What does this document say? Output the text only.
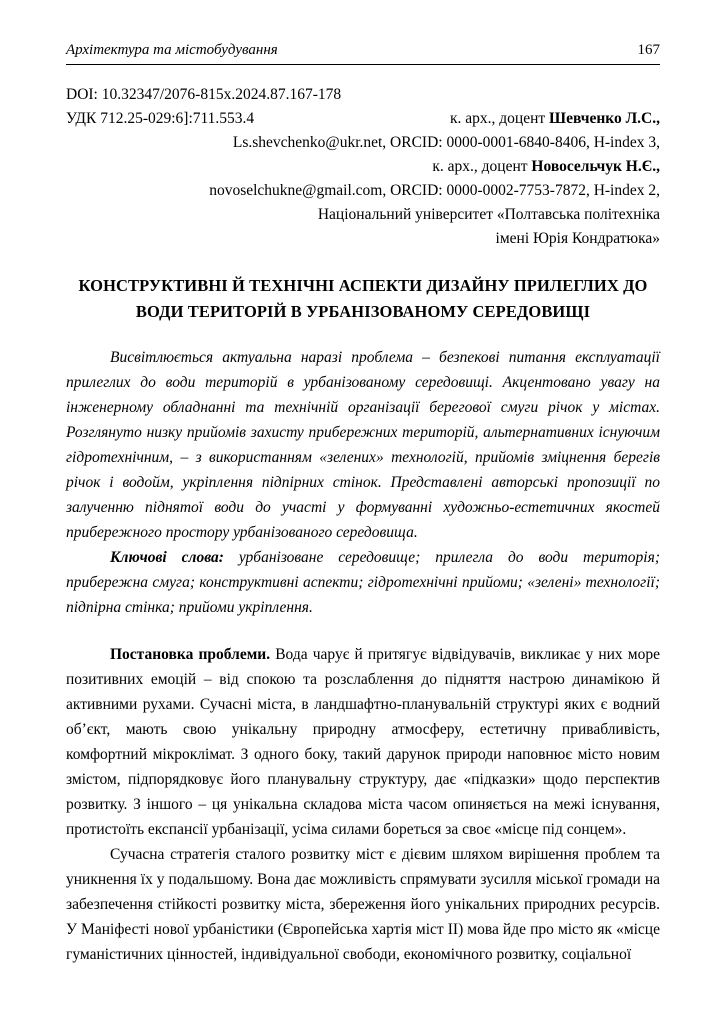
Архітектура та містобудування	167
DOI: 10.32347/2076-815x.2024.87.167-178
УДК 712.25-029:6]:711.553.4	к. арх., доцент Шевченко Л.С.,
Ls.shevchenko@ukr.net, ORCID: 0000-0001-6840-8406, H-index 3,
к. арх., доцент Новосельчук Н.Є.,
novoselchukne@gmail.com, ORCID: 0000-0002-7753-7872, H-index 2,
Національний університет «Полтавська політехніка
імені Юрія Кондратюка»
КОНСТРУКТИВНІ Й ТЕХНІЧНІ АСПЕКТИ ДИЗАЙНУ ПРИЛЕГЛИХ ДО ВОДИ ТЕРИТОРІЙ В УРБАНІЗОВАНОМУ СЕРЕДОВИЩІ

Висвітлюється актуальна наразі проблема – безпекові питання експлуатації прилеглих до води територій в урбанізованому середовищі. Акцентовано увагу на інженерному обладнанні та технічній організації берегової смуги річок у містах. Розглянуто низку прийомів захисту прибережних територій, альтернативних існуючим гідротехнічним, – з використанням «зелених» технологій, прийомів зміцнення берегів річок і водойм, укріплення підпірних стінок. Представлені авторські пропозиції по залученню піднятої води до участі у формуванні художньо-естетичних якостей прибережного простору урбанізованого середовища.

Ключові слова: урбанізоване середовище; прилегла до води територія; прибережна смуга; конструктивні аспекти; гідротехнічні прийоми; «зелені» технології; підпірна стінка; прийоми укріплення.

Постановка проблеми. Вода чарує й притягує відвідувачів, викликає у них море позитивних емоцій – від спокою та розслаблення до підняття настрою динамікою й активними рухами. Сучасні міста, в ландшафтно-планувальній структурі яких є водний об’єкт, мають свою унікальну природну атмосферу, естетичну привабливість, комфортний мікроклімат. З одного боку, такий дарунок природи наповнює місто новим змістом, підпорядковує його планувальну структуру, дає «підказки» щодо перспектив розвитку. З іншого – ця унікальна складова міста часом опиняється на межі існування, протистоїть експансії урбанізації, усіма силами бореться за своє «місце під сонцем».

Сучасна стратегія сталого розвитку міст є дієвим шляхом вирішення проблем та уникнення їх у подальшому. Вона дає можливість спрямувати зусилля міської громади на забезпечення стійкості розвитку міста, збереження його унікальних природних ресурсів. У Маніфесті нової урбаністики (Європейська хартія міст ІІ) мова йде про місто як «місце гуманістичних цінностей, індивідуальної свободи, економічного розвитку, соціальної
